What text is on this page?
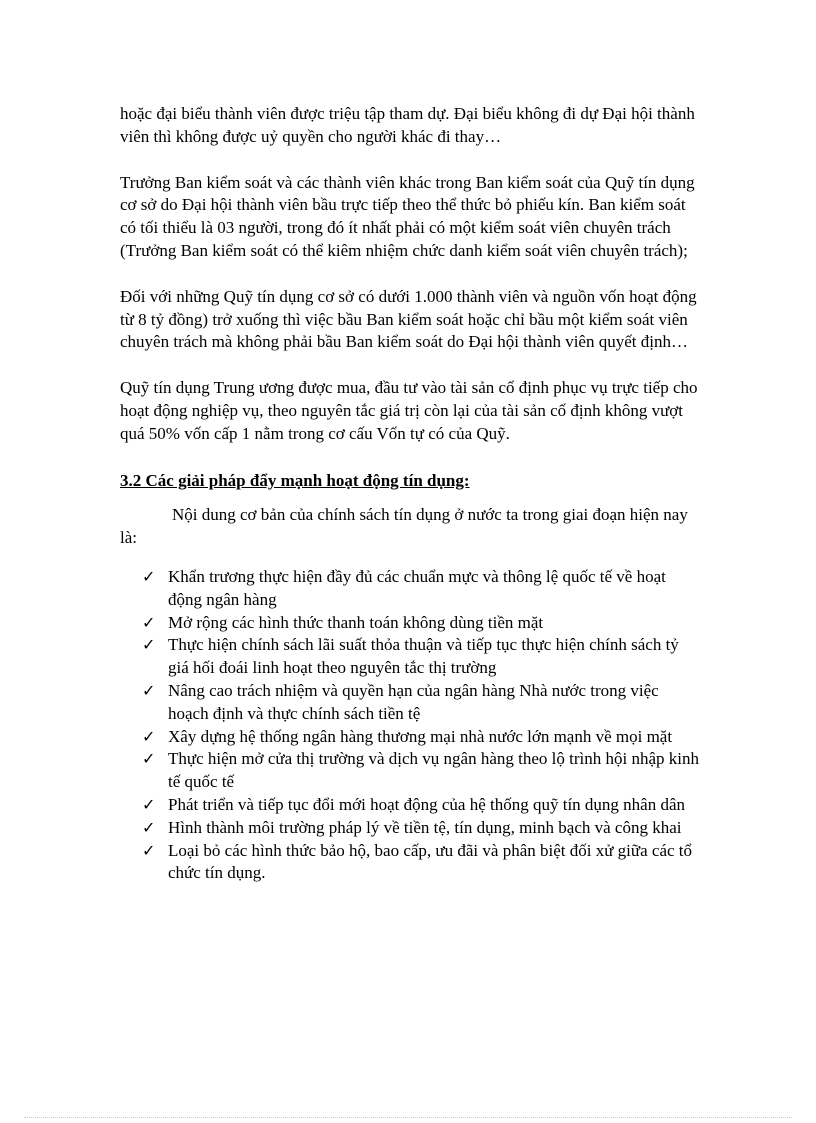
hoặc đại biểu thành viên được triệu tập tham dự. Đại biểu không đi dự Đại hội thành viên thì không được uỷ quyền cho người khác đi thay…

Trưởng Ban kiểm soát và các thành viên khác trong Ban kiểm soát của Quỹ tín dụng cơ sở do Đại hội thành viên bầu trực tiếp theo thể thức bỏ phiếu kín. Ban kiểm soát có tối thiểu là 03 người, trong đó ít nhất phải có một kiểm soát viên chuyên trách (Trưởng Ban kiểm soát có thể kiêm nhiệm chức danh kiểm soát viên chuyên trách);

Đối với những Quỹ tín dụng cơ sở có dưới 1.000 thành viên và nguồn vốn hoạt động từ 8 tỷ đồng) trở xuống thì việc bầu Ban kiểm soát hoặc chỉ bầu một kiểm soát viên chuyên trách mà không phải bầu Ban kiểm soát do Đại hội thành viên quyết định…

Quỹ tín dụng Trung ương được mua, đầu tư vào tài sản cố định phục vụ trực tiếp cho hoạt động nghiệp vụ, theo nguyên tắc giá trị còn lại của tài sản cố định không vượt quá 50% vốn cấp 1 nằm trong cơ cấu Vốn tự có của Quỹ.

3.2 Các giải pháp đẩy mạnh hoạt động tín dụng:

Nội dung cơ bản của chính sách tín dụng ở nước ta trong giai đoạn hiện nay là:

✓ Khẩn trương thực hiện đầy đủ các chuẩn mực và thông lệ quốc tế về hoạt động ngân hàng
✓ Mở rộng các hình thức thanh toán không dùng tiền mặt
✓ Thực hiện chính sách lãi suất thỏa thuận và tiếp tục thực hiện chính sách tỷ giá hối đoái linh hoạt theo nguyên tắc thị trường
✓ Nâng cao trách nhiệm và quyền hạn của ngân hàng Nhà nước trong việc hoạch định và thực chính sách tiền tệ
✓ Xây dựng hệ thống ngân hàng thương mại nhà nước lớn mạnh về mọi mặt
✓ Thực hiện mở cửa thị trường và dịch vụ ngân hàng theo lộ trình hội nhập kinh tế quốc tế
✓ Phát triển và tiếp tục đổi mới hoạt động của hệ thống quỹ tín dụng nhân dân
✓ Hình thành môi trường pháp lý về tiền tệ, tín dụng, minh bạch và công khai
✓ Loại bỏ các hình thức bảo hộ, bao cấp, ưu đãi và phân biệt đối xử giữa các tổ chức tín dụng.
